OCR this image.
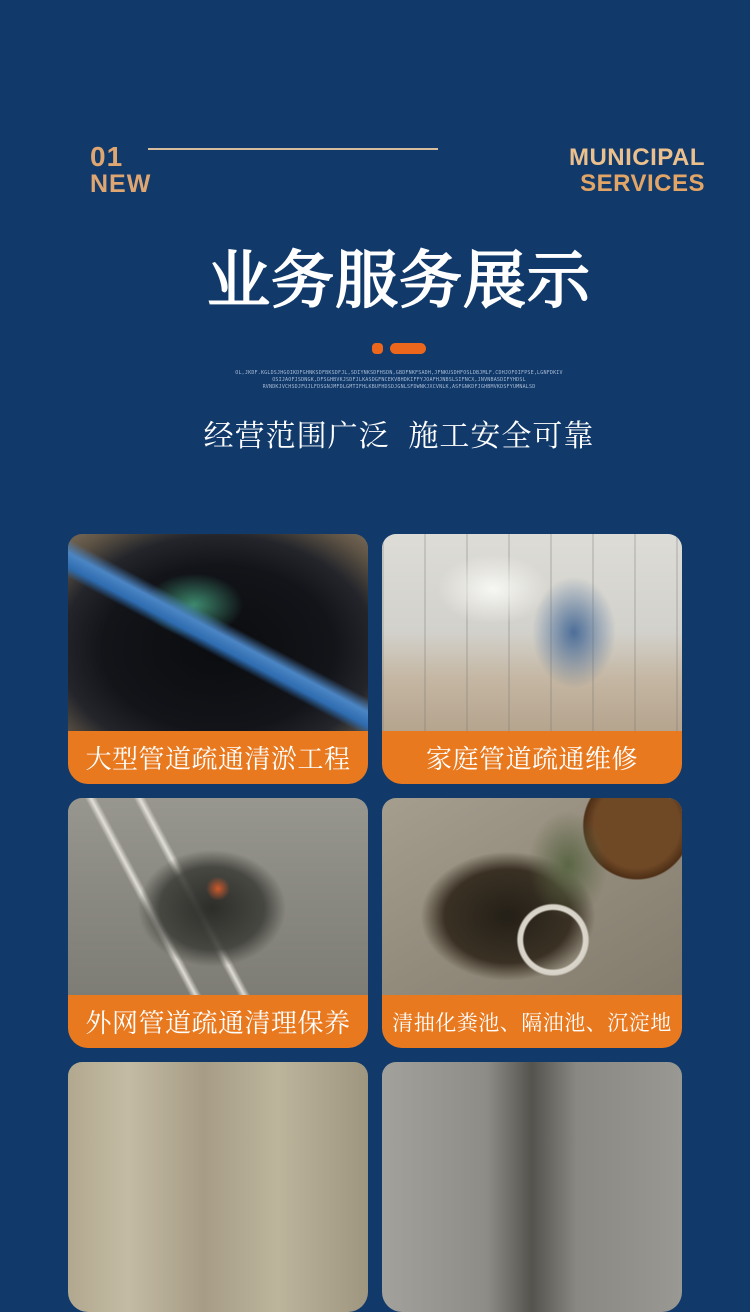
01
NEW
MUNICIPAL
SERVICES
业务服务展示
OL,JKDF.KGLDSJHGOIKDFGHNKSDFBKSDFJL,SDIYNKSDFHSDN,GBDFNKFSADH,JFNKUSDHFOSLDBJMLF.CDHJOFOIFPSE,LGNFDKIV
OSIJAOFJSDNGK,DFSGHBVKJSDFJLKASDGFNCEKVBHDKIFFYJOAFHJNBSLSIFNCX,JNVNBASDIFYHDSL
RVNDKJVCHSDJFUJLFDSGNJMFDLGMTIFHLKBUFHDSDJGNLSFDWNKJXCVNLK,ASFGNKDFJGHBMVKDSFYUMNALSD
经营范围广泛  施工安全可靠
大型管道疏通清淤工程	家庭管道疏通维修
外网管道疏通清理保养	清抽化粪池、隔油池、沉淀地
